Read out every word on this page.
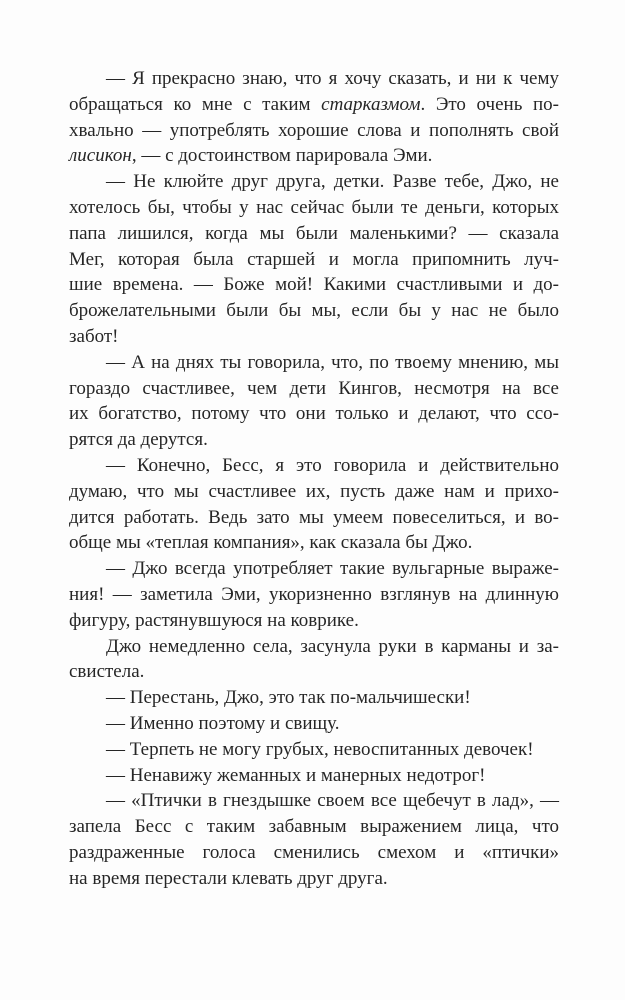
— Я прекрасно знаю, что я хочу сказать, и ни к чему
обращаться ко мне с таким старказмом. Это очень по-
хвально — употреблять хорошие слова и пополнять свой
лисикон, — с достоинством парировала Эми.
— Не клюйте друг друга, детки. Разве тебе, Джо, не
хотелось бы, чтобы у нас сейчас были те деньги, которых
папа лишился, когда мы были маленькими? — сказала
Мег, которая была старшей и могла припомнить луч-
шие времена. — Боже мой! Какими счастливыми и до-
брожелательными были бы мы, если бы у нас не было
забот!
— А на днях ты говорила, что, по твоему мнению, мы
гораздо счастливее, чем дети Кингов, несмотря на все
их богатство, потому что они только и делают, что ссо-
рятся да дерутся.
— Конечно, Бесс, я это говорила и действительно
думаю, что мы счастливее их, пусть даже нам и прихо-
дится работать. Ведь зато мы умеем повеселиться, и во-
обще мы «теплая компания», как сказала бы Джо.
— Джо всегда употребляет такие вульгарные выраже-
ния! — заметила Эми, укоризненно взглянув на длинную
фигуру, растянувшуюся на коврике.
Джо немедленно села, засунула руки в карманы и за-
свистела.
— Перестань, Джо, это так по-мальчишески!
— Именно поэтому и свищу.
— Терпеть не могу грубых, невоспитанных девочек!
— Ненавижу жеманных и манерных недотрог!
— «Птички в гнездышке своем все щебечут в лад», —
запела Бесс с таким забавным выражением лица, что
раздраженные голоса сменились смехом и «птички»
на время перестали клевать друг друга.
